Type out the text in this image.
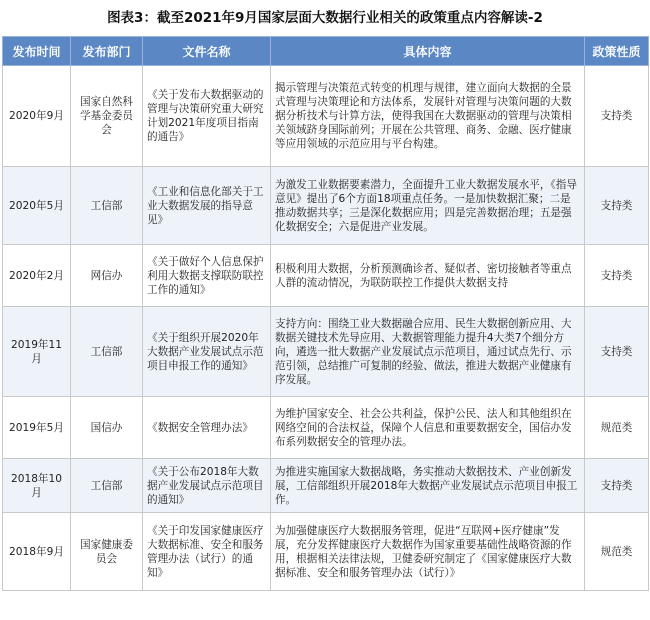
图表3：截至2021年9月国家层面大数据行业相关的政策重点内容解读-2
发布时间	发布部门	文件名称	具体内容	政策性质
2020年9月	国家自然科学基金委员会	《关于发布大数据驱动的管理与决策研究重大研究计划2021年度项目指南的通告》	揭示管理与决策范式转变的机理与规律，建立面向大数据的全景式管理与决策理论和方法体系，发展针对管理与决策问题的大数据分析技术与计算方法，使得我国在大数据驱动的管理与决策相关领域跻身国际前列；开展在公共管理、商务、金融、医疗健康等应用领域的示范应用与平台构建。	支持类
2020年5月	工信部	《工业和信息化部关于工业大数据发展的指导意见》	为激发工业数据要素潜力，全面提升工业大数据发展水平，《指导意见》提出了6个方面18项重点任务。一是加快数据汇聚；二是推动数据共享；三是深化数据应用；四是完善数据治理；五是强化数据安全；六是促进产业发展。	支持类
2020年2月	网信办	《关于做好个人信息保护利用大数据支撑联防联控工作的通知》	积极利用大数据，分析预测确诊者、疑似者、密切接触者等重点人群的流动情况，为联防联控工作提供大数据支持	支持类
2019年11月	工信部	《关于组织开展2020年大数据产业发展试点示范项目申报工作的通知》	支持方向：围绕工业大数据融合应用、民生大数据创新应用、大数据关键技术先导应用、大数据管理能力提升4大类7个细分方向，遴选一批大数据产业发展试点示范项目，通过试点先行、示范引领，总结推广可复制的经验、做法，推进大数据产业健康有序发展。	支持类
2019年5月	国信办	《数据安全管理办法》	为维护国家安全、社会公共利益，保护公民、法人和其他组织在网络空间的合法权益，保障个人信息和重要数据安全，国信办发布系列数据安全的管理办法。	规范类
2018年10月	工信部	《关于公布2018年大数据产业发展试点示范项目的通知》	为推进实施国家大数据战略，务实推动大数据技术、产业创新发展，工信部组织开展2018年大数据产业发展试点示范项目申报工作。	支持类
2018年9月	国家健康委员会	《关于印发国家健康医疗大数据标准、安全和服务管理办法（试行）的通知》	为加强健康医疗大数据服务管理，促进“互联网+医疗健康”发展，充分发挥健康医疗大数据作为国家重要基础性战略资源的作用，根据相关法律法规，卫健委研究制定了《国家健康医疗大数据标准、安全和服务管理办法（试行）》	规范类
